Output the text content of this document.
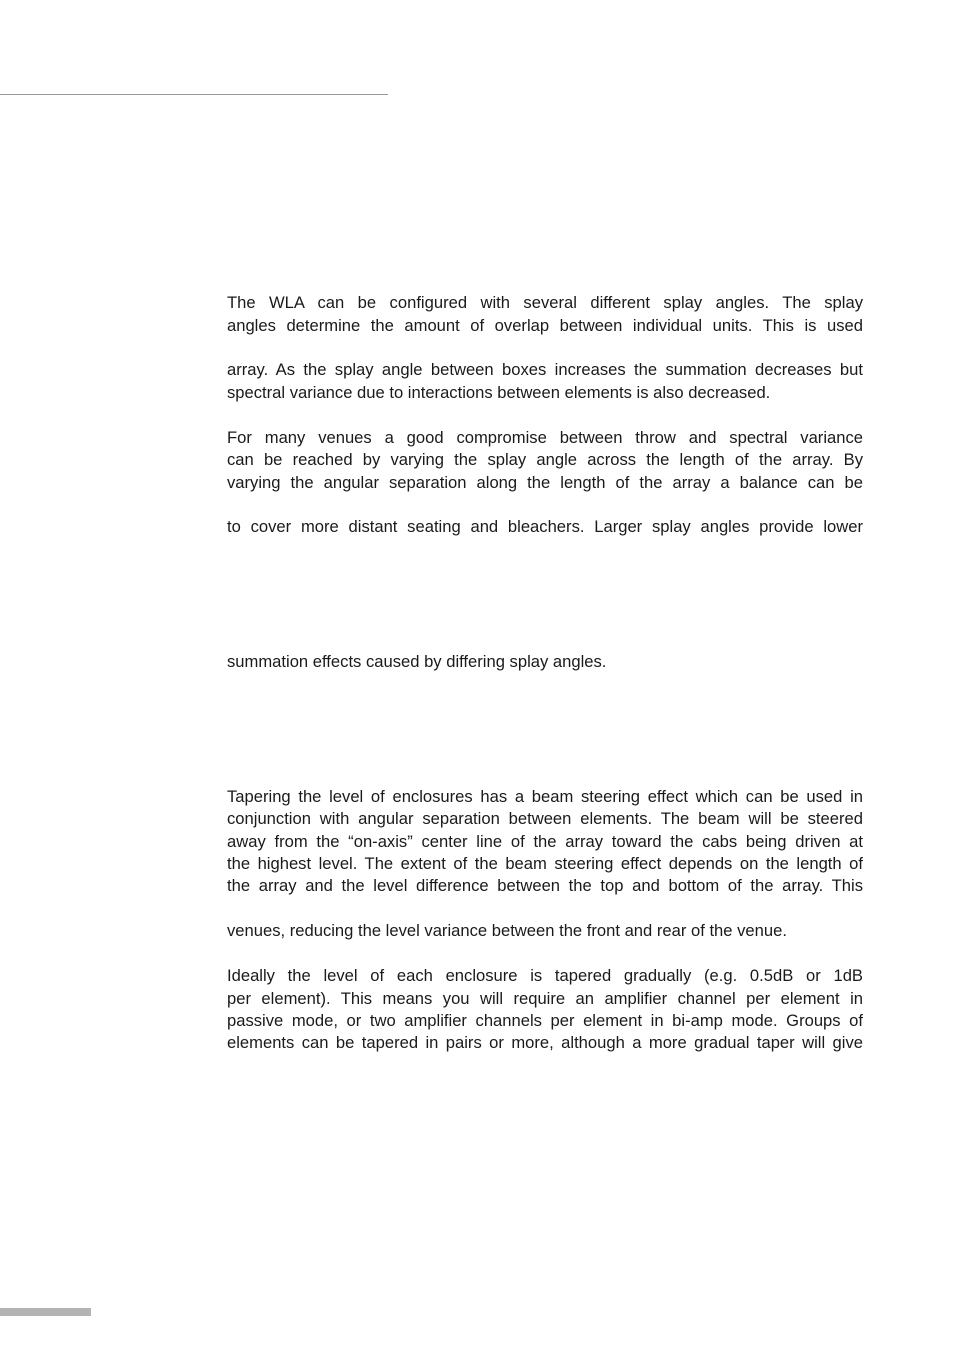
The WLA can be configured with several different splay angles. The splay

angles determine the amount of overlap between individual units. This is used

array. As the splay angle between boxes increases the summation decreases but

spectral variance due to interactions between elements is also decreased.

For many venues a good compromise between throw and spectral variance

can be reached by varying the splay angle across the length of the array. By

varying the angular separation along the length of the array a balance can be

to cover more distant seating and bleachers. Larger splay angles provide lower

summation effects caused by differing splay angles.

Tapering the level of enclosures has a beam steering effect which can be used in

conjunction with angular separation between elements. The beam will be steered

away from the “on-axis” center line of the array toward the cabs being driven at

the highest level. The extent of the beam steering effect depends on the length of

the array and the level difference between the top and bottom of the array. This

venues, reducing the level variance between the front and rear of the venue.

Ideally the level of each enclosure is tapered gradually (e.g. 0.5dB or 1dB

per element). This means you will require an amplifier channel per element in

passive mode, or two amplifier channels per element in bi-amp mode. Groups of

elements can be tapered in pairs or more, although a more gradual taper will give
